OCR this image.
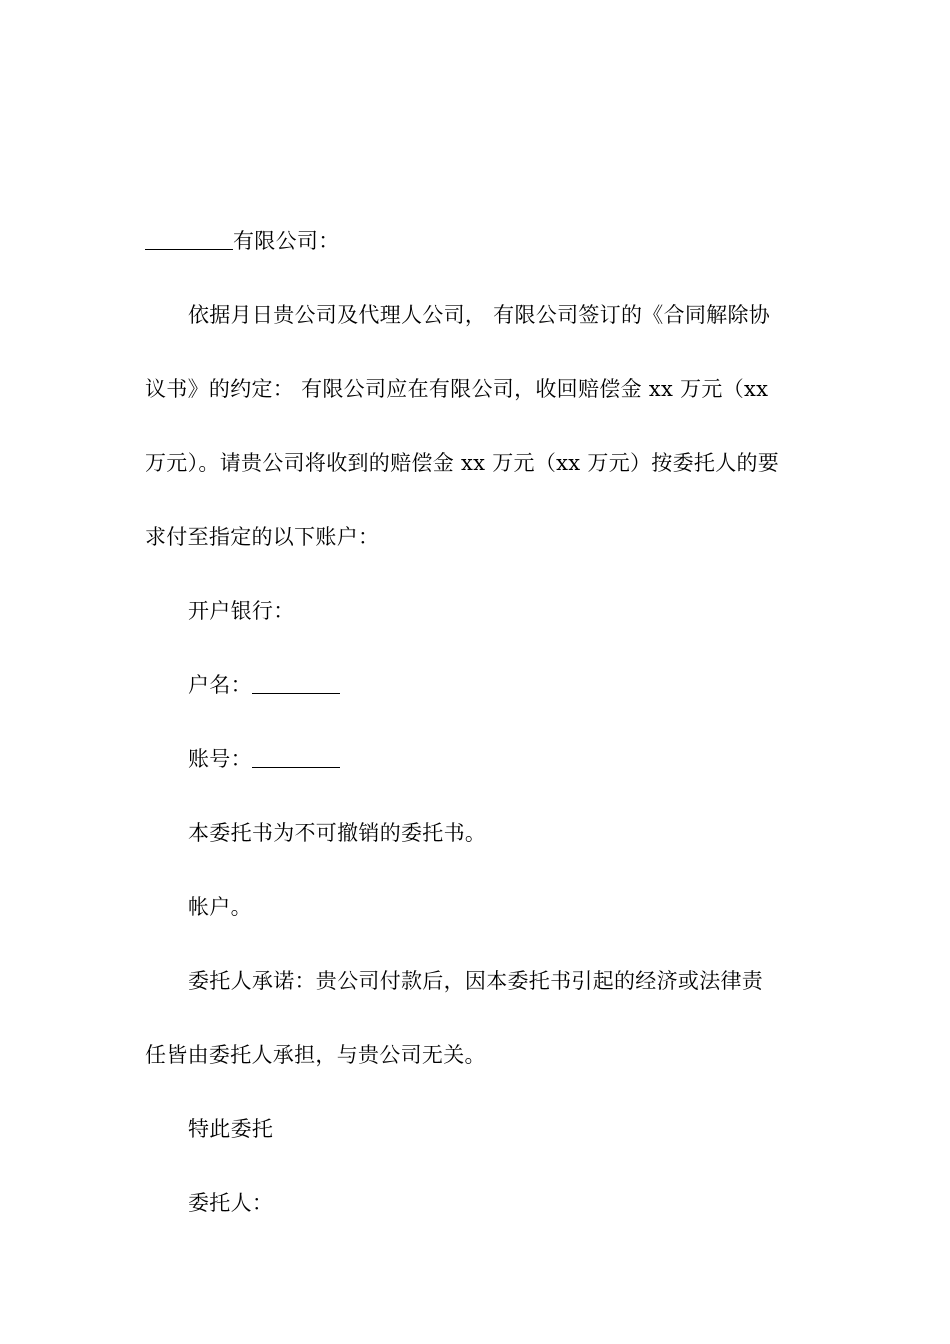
有限公司：
依据月日贵公司及代理人公司， 有限公司签订的《合同解除协
议书》的约定： 有限公司应在有限公司，收回赔偿金 xx 万元（xx
万元）。请贵公司将收到的赔偿金 xx 万元（xx 万元）按委托人的要
求付至指定的以下账户：
开户银行：
户名：
账号：
本委托书为不可撤销的委托书。
帐户。
委托人承诺：贵公司付款后，因本委托书引起的经济或法律责
任皆由委托人承担，与贵公司无关。
特此委托
委托人：
